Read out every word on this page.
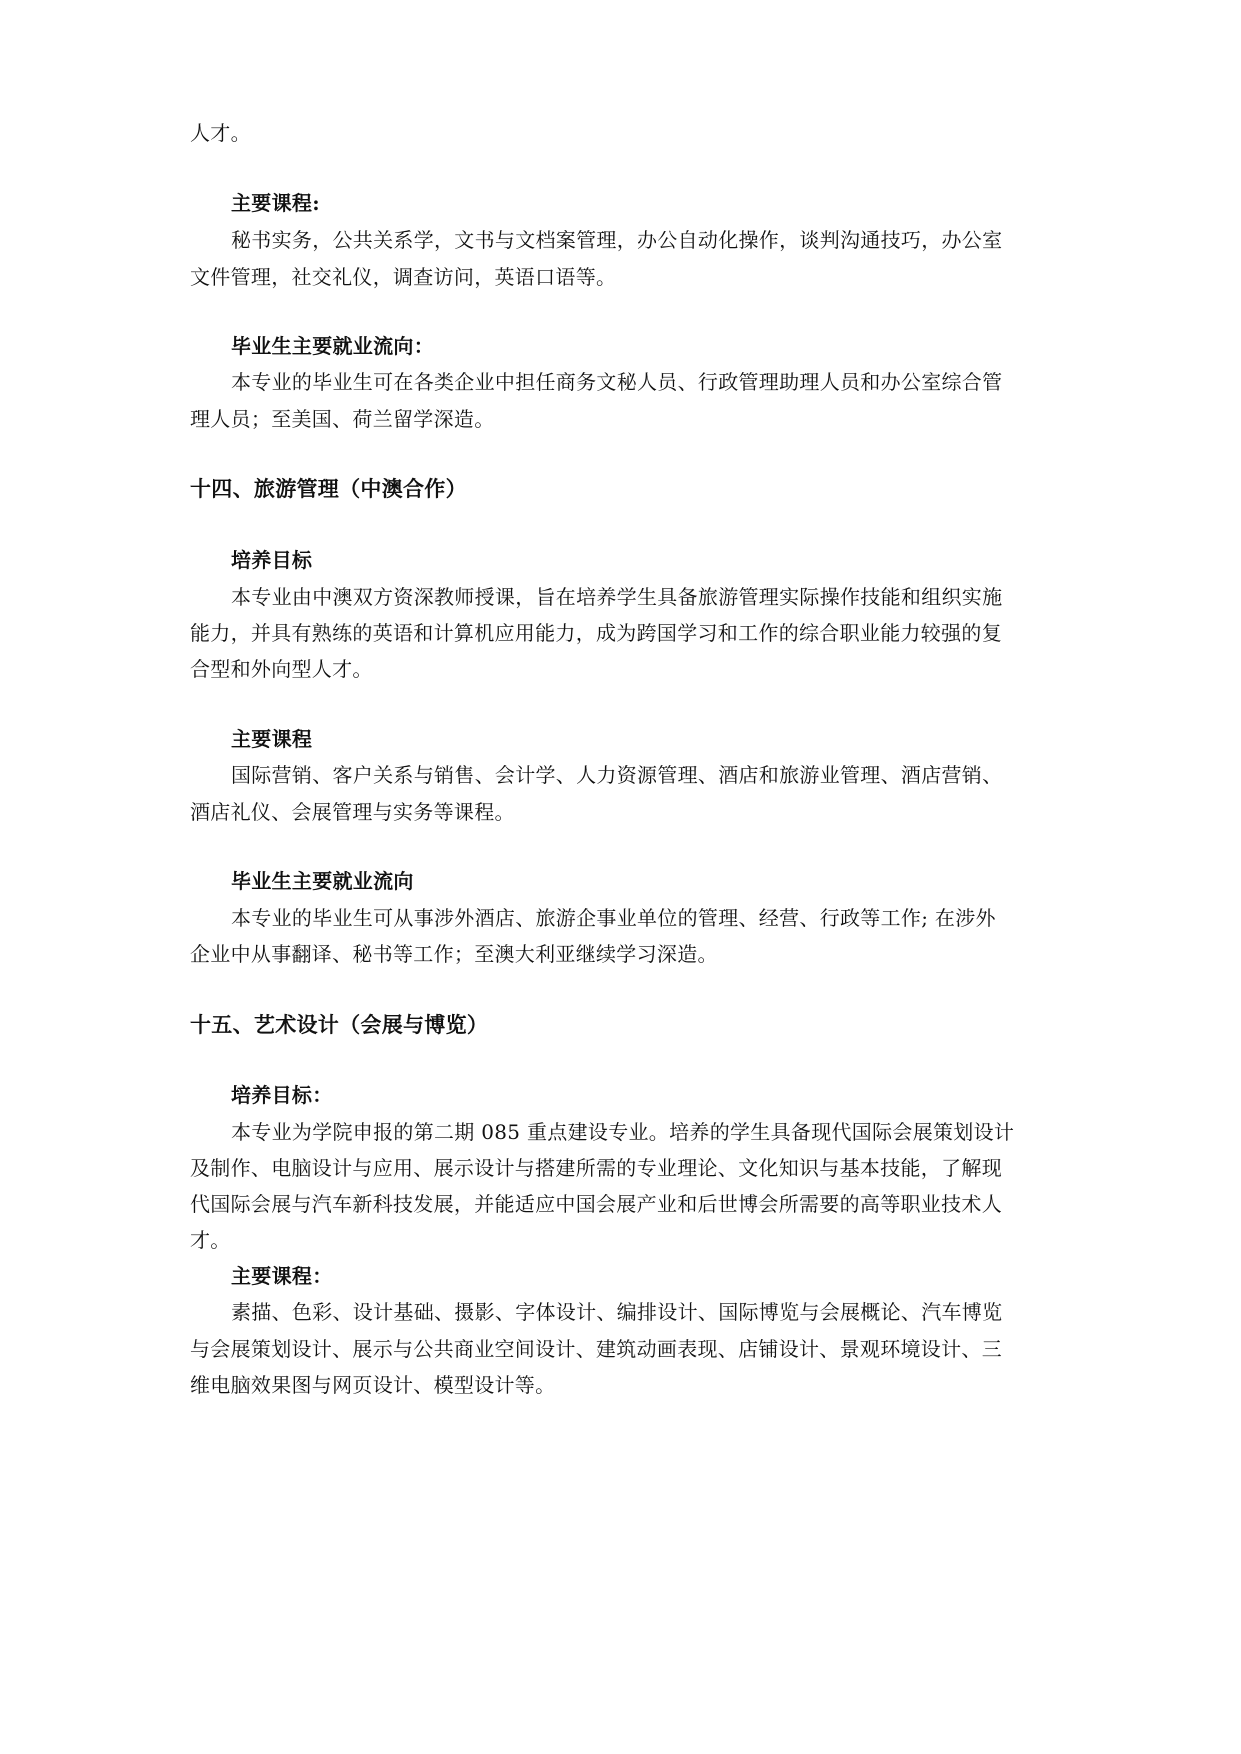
人才。
主要课程:
秘书实务，公共关系学，文书与文档案管理，办公自动化操作，谈判沟通技巧，办公室
文件管理，社交礼仪，调查访问，英语口语等。
毕业生主要就业流向：
本专业的毕业生可在各类企业中担任商务文秘人员、行政管理助理人员和办公室综合管
理人员；至美国、荷兰留学深造。
十四、旅游管理（中澳合作）
培养目标
本专业由中澳双方资深教师授课，旨在培养学生具备旅游管理实际操作技能和组织实施
能力，并具有熟练的英语和计算机应用能力，成为跨国学习和工作的综合职业能力较强的复
合型和外向型人才。
主要课程
国际营销、客户关系与销售、会计学、人力资源管理、酒店和旅游业管理、酒店营销、
酒店礼仪、会展管理与实务等课程。
毕业生主要就业流向
本专业的毕业生可从事涉外酒店、旅游企事业单位的管理、经营、行政等工作; 在涉外
企业中从事翻译、秘书等工作；至澳大利亚继续学习深造。
十五、艺术设计（会展与博览）
培养目标：
本专业为学院申报的第二期 085 重点建设专业。培养的学生具备现代国际会展策划设计
及制作、电脑设计与应用、展示设计与搭建所需的专业理论、文化知识与基本技能，了解现
代国际会展与汽车新科技发展，并能适应中国会展产业和后世博会所需要的高等职业技术人
才。
主要课程：
素描、色彩、设计基础、摄影、字体设计、编排设计、国际博览与会展概论、汽车博览
与会展策划设计、展示与公共商业空间设计、建筑动画表现、店铺设计、景观环境设计、三
维电脑效果图与网页设计、模型设计等。
